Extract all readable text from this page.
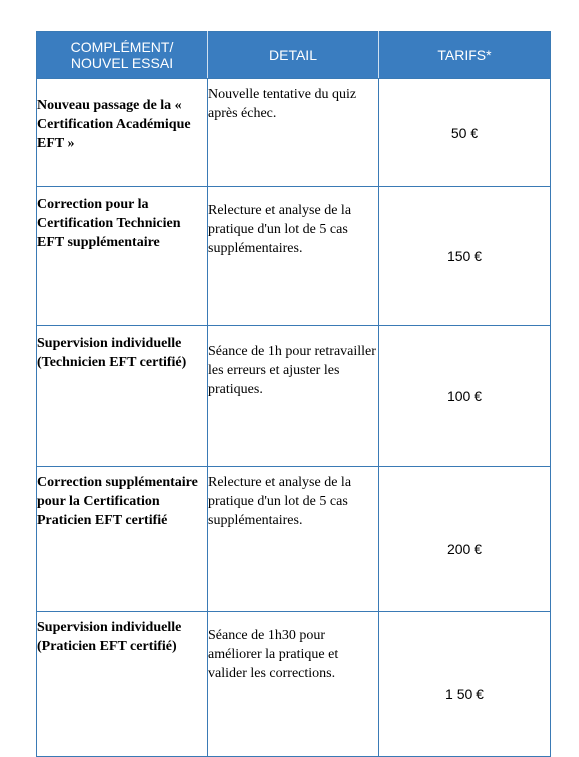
COMPLÉMENT/
NOUVEL ESSAI	DETAIL	TARIFS*
Nouveau passage de la « Certification Académique EFT »	Nouvelle tentative du quiz après échec.	50 €
Correction pour la Certification Technicien EFT supplémentaire	Relecture et analyse de la pratique d'un lot de 5 cas supplémentaires.	150 €
Supervision individuelle (Technicien EFT certifié)	Séance de 1h pour retravailler les erreurs et ajuster les pratiques.	100 €
Correction supplémentaire pour la Certification Praticien EFT certifié	Relecture et analyse de la pratique d'un lot de 5 cas supplémentaires.	200 €
Supervision individuelle (Praticien EFT certifié)	Séance de 1h30 pour améliorer la pratique et valider les corrections.	1 50 €
